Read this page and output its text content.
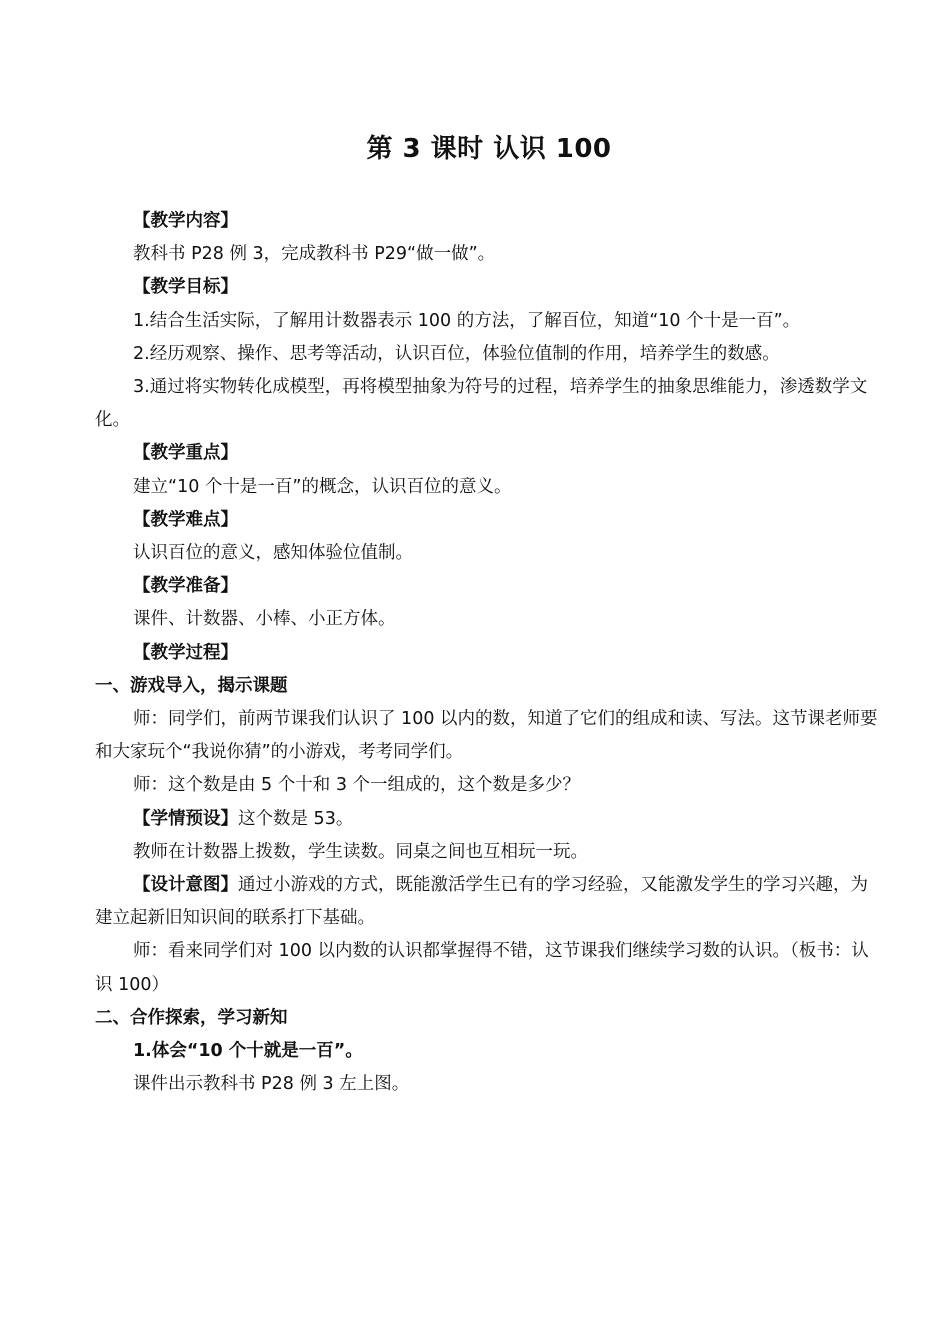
第 3 课时 认识 100

【教学内容】

教科书 P28 例 3，完成教科书 P29“做一做”。

【教学目标】

1.结合生活实际，了解用计数器表示 100 的方法，了解百位，知道“10 个十是一百”。

2.经历观察、操作、思考等活动，认识百位，体验位值制的作用，培养学生的数感。

3.通过将实物转化成模型，再将模型抽象为符号的过程，培养学生的抽象思维能力，渗透数学文化。

【教学重点】

建立“10 个十是一百”的概念，认识百位的意义。

【教学难点】

认识百位的意义，感知体验位值制。

【教学准备】

课件、计数器、小棒、小正方体。

【教学过程】

一、游戏导入，揭示课题

师：同学们，前两节课我们认识了 100 以内的数，知道了它们的组成和读、写法。这节课老师要和大家玩个“我说你猜”的小游戏，考考同学们。

师：这个数是由 5 个十和 3 个一组成的，这个数是多少？

【学情预设】这个数是 53。

教师在计数器上拨数，学生读数。同桌之间也互相玩一玩。

【设计意图】通过小游戏的方式，既能激活学生已有的学习经验，又能激发学生的学习兴趣，为建立起新旧知识间的联系打下基础。

师：看来同学们对 100 以内数的认识都掌握得不错，这节课我们继续学习数的认识。（板书：认识 100）

二、合作探索，学习新知

1.体会“10 个十就是一百”。

课件出示教科书 P28 例 3 左上图。
